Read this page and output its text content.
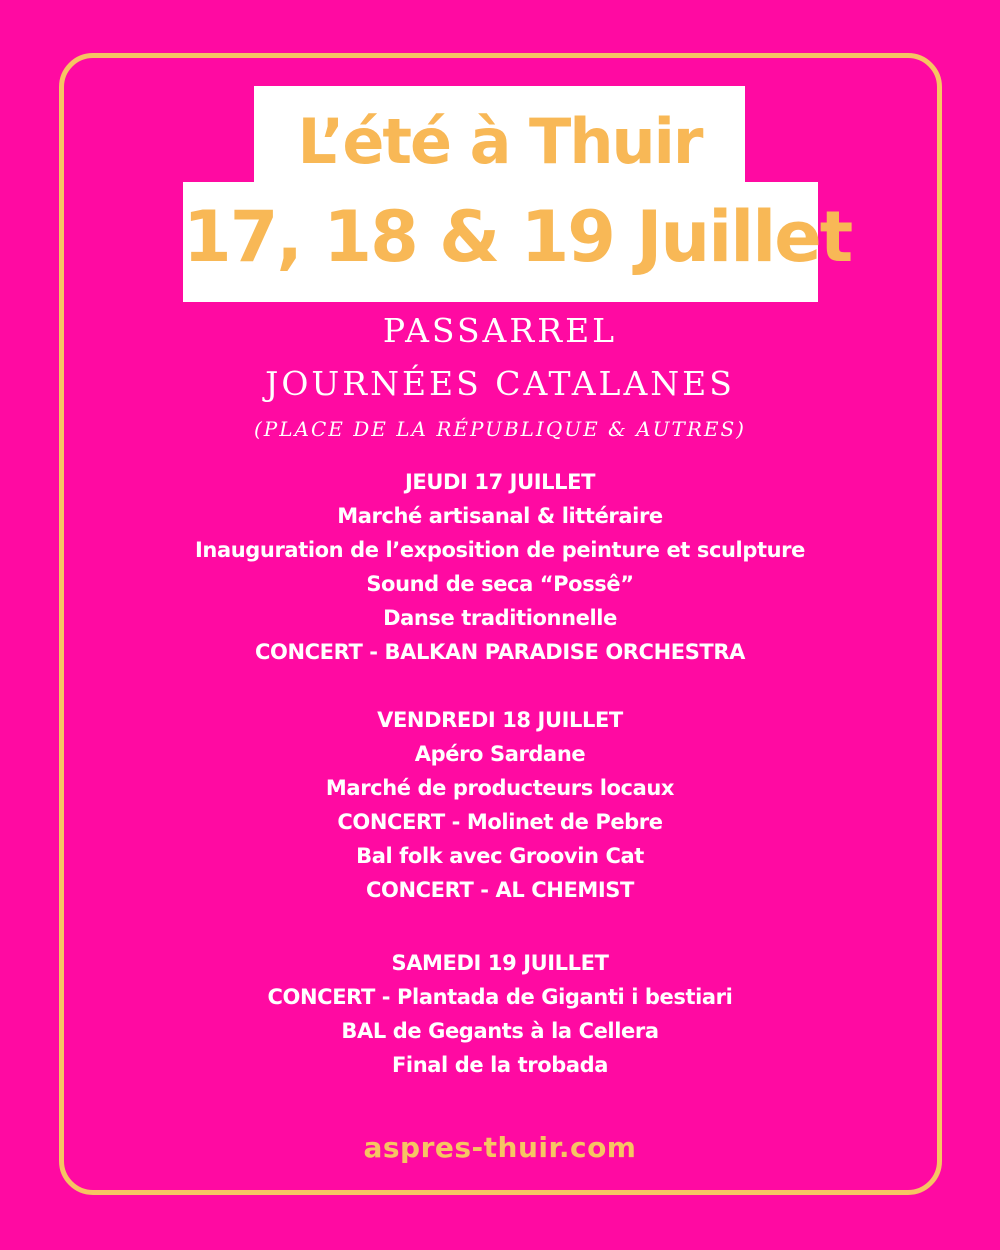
L’été à Thuir
17, 18 & 19 Juillet
PASSARREL
JOURNÉES CATALANES
(PLACE DE LA RÉPUBLIQUE & AUTRES)
JEUDI 17 JUILLET
Marché artisanal & littéraire
Inauguration de l’exposition de peinture et sculpture
Sound de seca “Possê”
Danse traditionnelle
CONCERT - BALKAN PARADISE ORCHESTRA
VENDREDI 18 JUILLET
Apéro Sardane
Marché de producteurs locaux
CONCERT - Molinet de Pebre
Bal folk avec Groovin Cat
CONCERT - AL CHEMIST
SAMEDI 19 JUILLET
CONCERT - Plantada de Giganti i bestiari
BAL de Gegants à la Cellera
Final de la trobada
aspres-thuir.com
